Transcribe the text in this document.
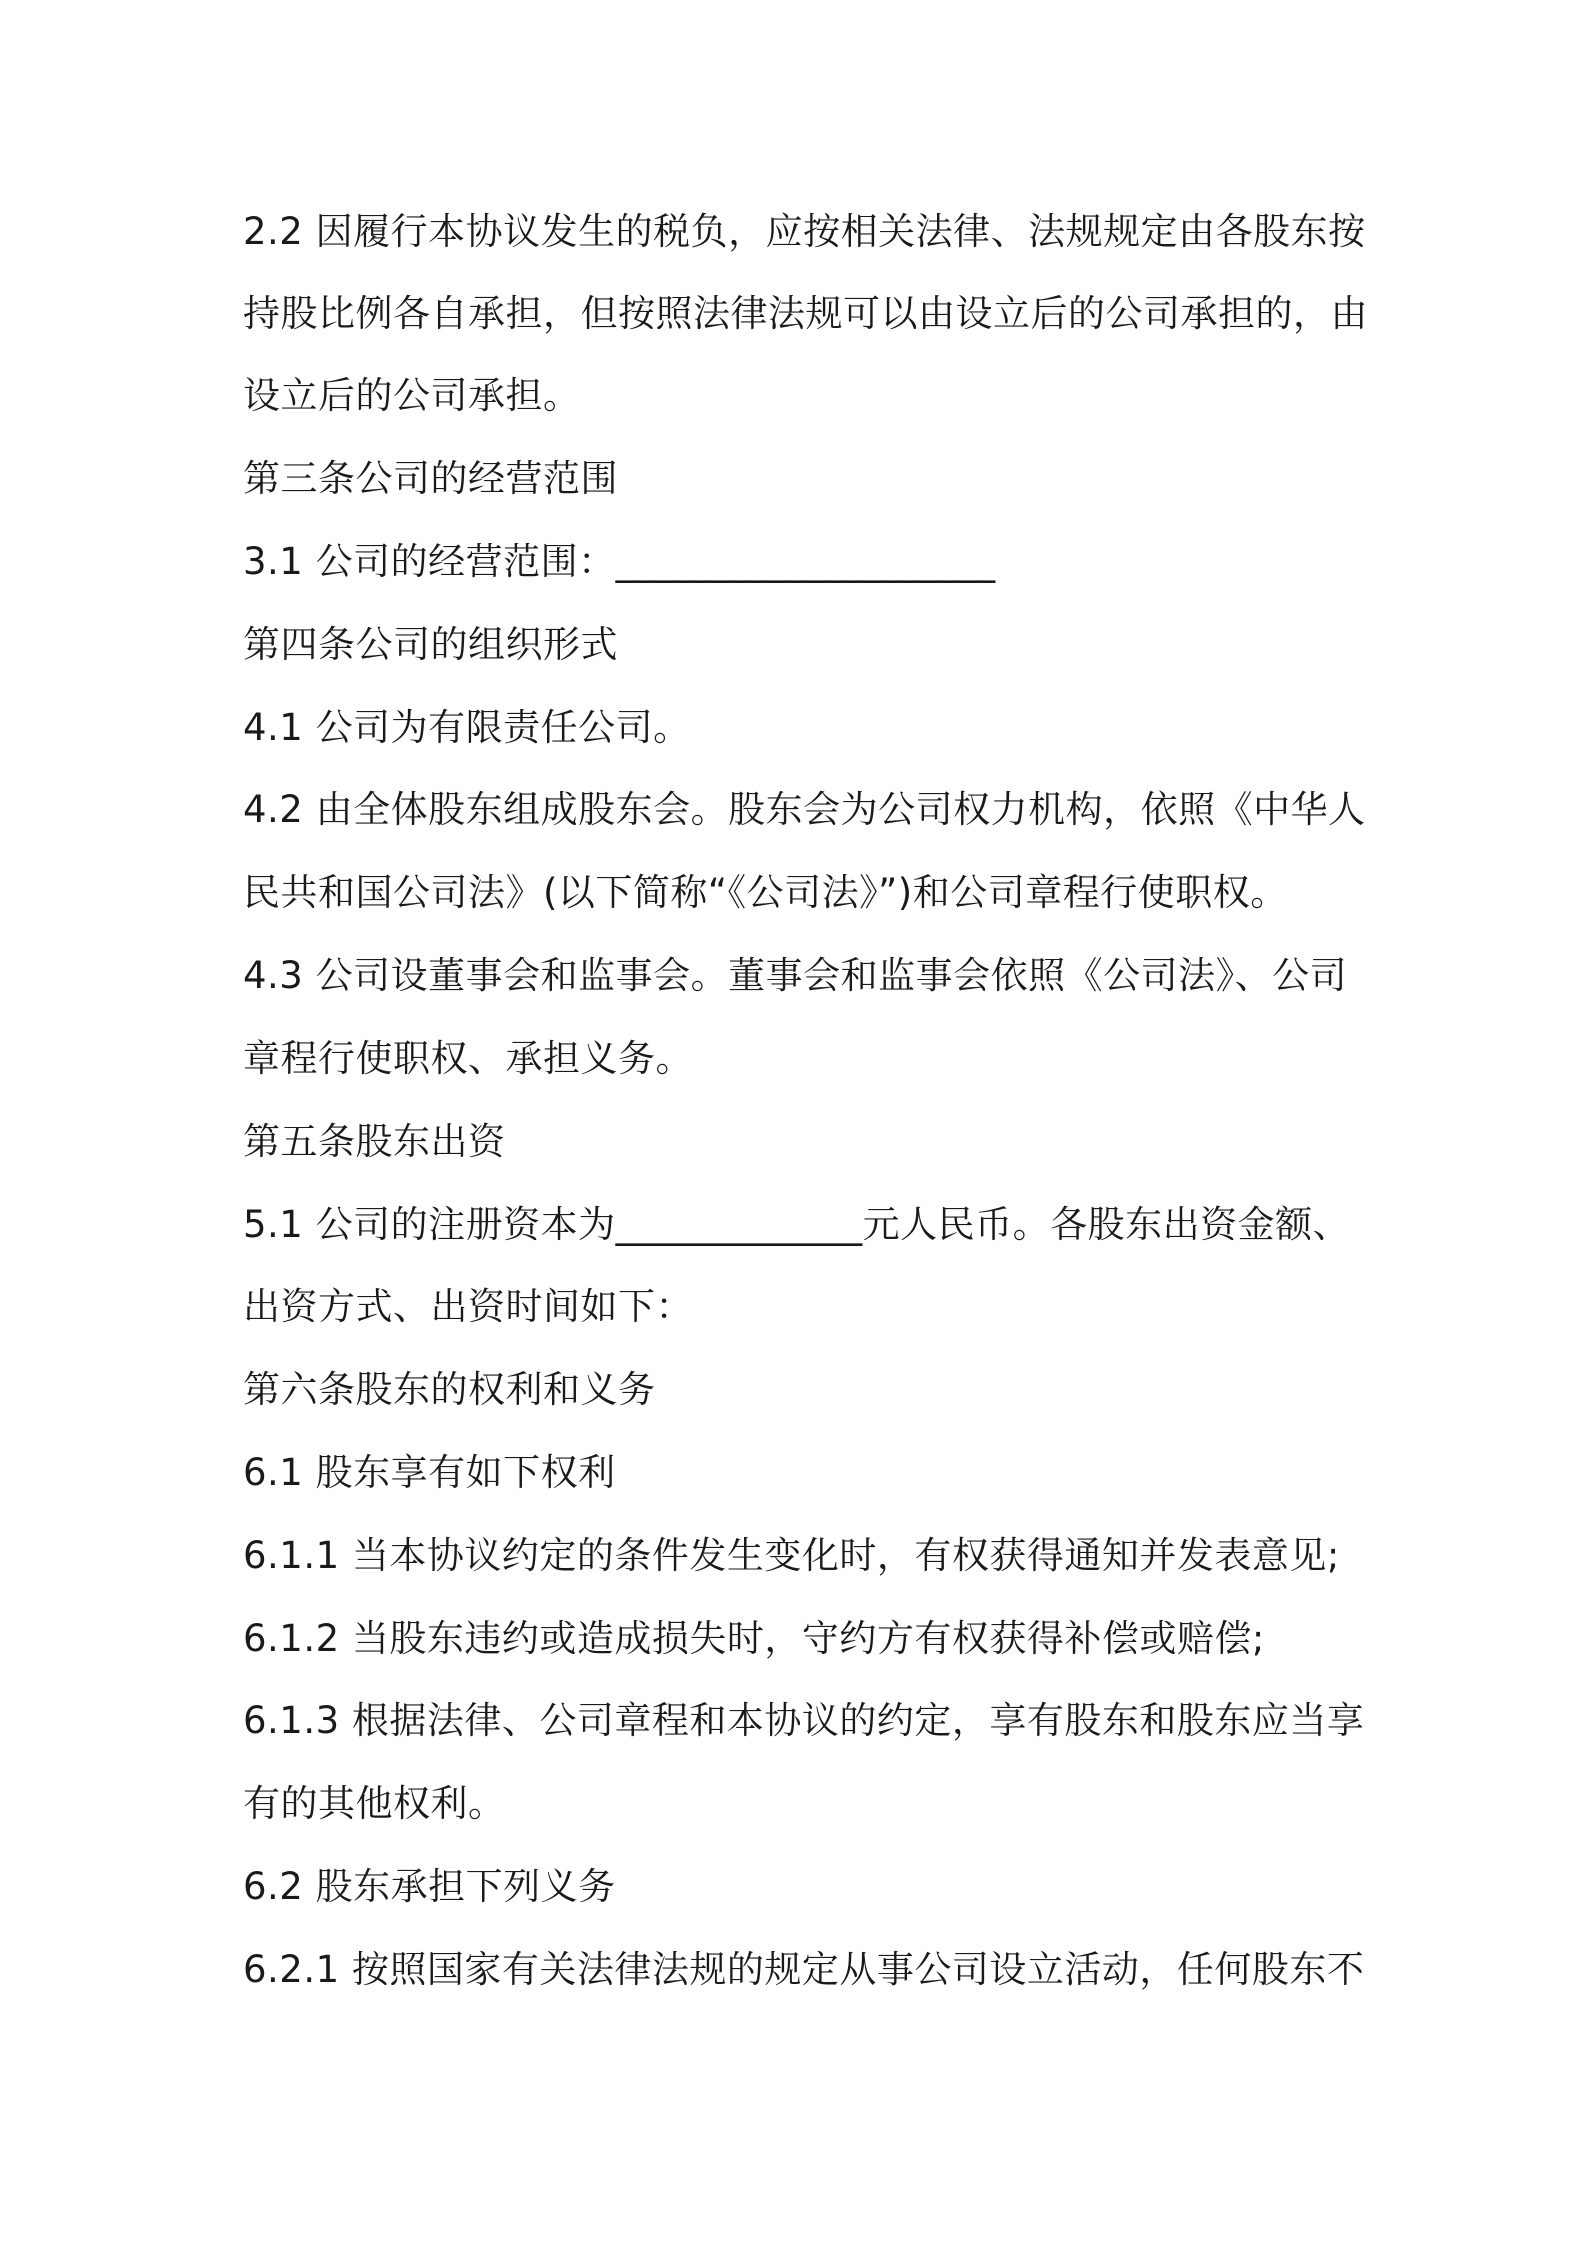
2.2 因履行本协议发生的税负，应按相关法律、法规规定由各股东按

持股比例各自承担，但按照法律法规可以由设立后的公司承担的，由

设立后的公司承担。

第三条公司的经营范围

3.1 公司的经营范围：____________________

第四条公司的组织形式

4.1 公司为有限责任公司。

4.2 由全体股东组成股东会。股东会为公司权力机构，依照《中华人

民共和国公司法》(以下简称“《公司法》”)和公司章程行使职权。

4.3 公司设董事会和监事会。董事会和监事会依照《公司法》、公司

章程行使职权、承担义务。

第五条股东出资

5.1 公司的注册资本为_____________元人民币。各股东出资金额、

出资方式、出资时间如下：

第六条股东的权利和义务

6.1 股东享有如下权利

6.1.1 当本协议约定的条件发生变化时，有权获得通知并发表意见;

6.1.2 当股东违约或造成损失时，守约方有权获得补偿或赔偿;

6.1.3 根据法律、公司章程和本协议的约定，享有股东和股东应当享

有的其他权利。

6.2 股东承担下列义务

6.2.1 按照国家有关法律法规的规定从事公司设立活动，任何股东不
